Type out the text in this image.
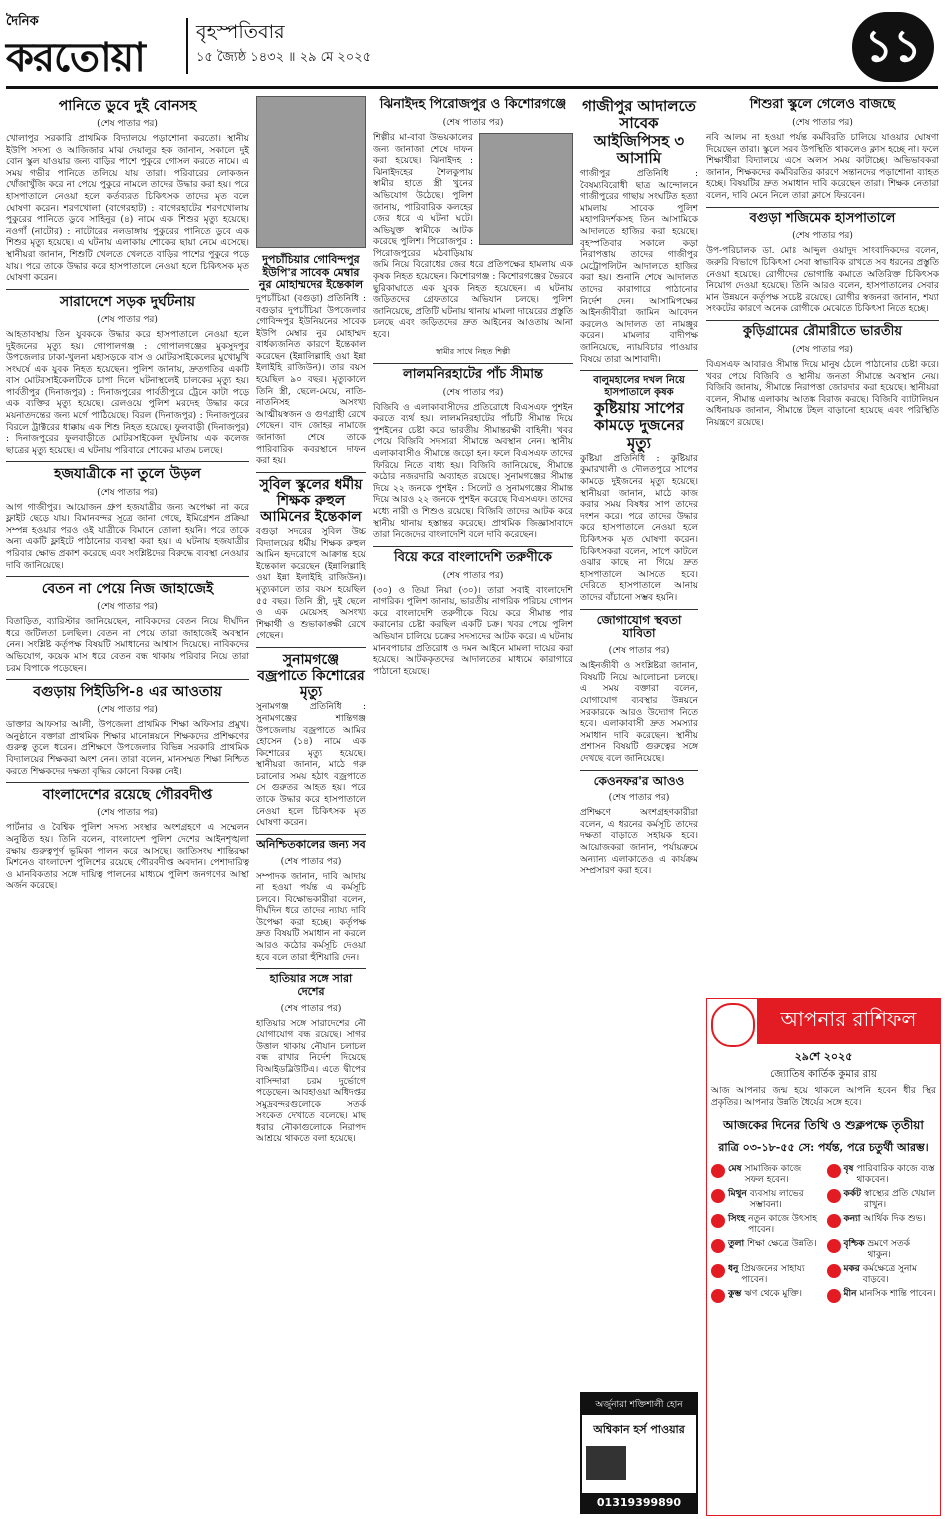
দৈনিক
করতোয়া
বৃহস্পতিবার
১৫ জ্যৈষ্ঠ ১৪৩২ ॥ ২৯ মে ২০২৫	১১
পানিতে ডুবে দুই বোনসহ
(শেষ পাতার পর)
খোলাপুর সরকারি প্রাথমিক বিদ্যালয়ে পড়াশোনা করতো। স্থানীয় ইউপি সদস্য ও আজিজার মাঝ দেয়ালুর হক জানান, সকালে দুই বোন স্কুল যাওয়ার জন্য বাড়ির পাশে পুকুরে গোসল করতে নামে। এ সময় গভীর পানিতে তলিয়ে যায় তারা। পরিবারের লোকজন খোঁজাখুঁজি করে না পেয়ে পুকুরে নামলে তাদের উদ্ধার করা হয়। পরে হাসপাতালে নেওয়া হলে কর্তব্যরত চিকিৎসক তাদের মৃত বলে ঘোষণা করেন। শরণখোলা (বাগেরহাট) : বাগেরহাটের শরণখোলায় পুকুরের পানিতে ডুবে সাহিনুর (৪) নামে এক শিশুর মৃত্যু হয়েছে। নওগাঁ (নাটোর) : নাটোরের নলডাঙ্গায় পুকুরের পানিতে ডুবে এক শিশুর মৃত্যু হয়েছে। এ ঘটনায় এলাকায় শোকের ছায়া নেমে এসেছে। স্থানীয়রা জানান, শিশুটি খেলতে খেলতে বাড়ির পাশের পুকুরে পড়ে যায়। পরে তাকে উদ্ধার করে হাসপাতালে নেওয়া হলে চিকিৎসক মৃত ঘোষণা করেন।
সারাদেশে সড়ক দুর্ঘটনায়
(শেষ পাতার পর)
আহতাবস্থায় তিন যুবককে উদ্ধার করে হাসপাতালে নেওয়া হলে দুইজনের মৃত্যু হয়। গোপালগঞ্জ : গোপালগঞ্জের মুকসুদপুর উপজেলার ঢাকা-খুলনা মহাসড়কে বাস ও মোটরসাইকেলের মুখোমুখি সংঘর্ষে এক যুবক নিহত হয়েছেন। পুলিশ জানায়, দ্রুতগতির একটি বাস মোটরসাইকেলটিকে চাপা দিলে ঘটনাস্থলেই চালকের মৃত্যু হয়। পার্বতীপুর (দিনাজপুর) : দিনাজপুরের পার্বতীপুরে ট্রেনে কাটা পড়ে এক ব্যক্তির মৃত্যু হয়েছে। রেলওয়ে পুলিশ মরদেহ উদ্ধার করে ময়নাতদন্তের জন্য মর্গে পাঠিয়েছে। বিরল (দিনাজপুর) : দিনাজপুরের বিরলে ট্রাক্টরের ধাক্কায় এক শিশু নিহত হয়েছে। ফুলবাড়ী (দিনাজপুর) : দিনাজপুরের ফুলবাড়ীতে মোটরসাইকেল দুর্ঘটনায় এক কলেজ ছাত্রের মৃত্যু হয়েছে। এ ঘটনায় পরিবারে শোকের মাতম চলছে।
হজযাত্রীকে না তুলে উড়ল
(শেষ পাতার পর)
আগ গাজীপুর। আয়োজন গ্রুপ হজযাত্রীর জন্য অপেক্ষা না করে ফ্লাইট ছেড়ে যায়। বিমানবন্দর সূত্রে জানা গেছে, ইমিগ্রেশন প্রক্রিয়া সম্পন্ন হওয়ার পরও ওই যাত্রীকে বিমানে তোলা হয়নি। পরে তাকে অন্য একটি ফ্লাইটে পাঠানোর ব্যবস্থা করা হয়। এ ঘটনায় হজযাত্রীর পরিবার ক্ষোভ প্রকাশ করেছে এবং সংশ্লিষ্টদের বিরুদ্ধে ব্যবস্থা নেওয়ার দাবি জানিয়েছে।
বেতন না পেয়ে নিজ জাহাজেই
(শেষ পাতার পর)
বিতাড়িত, ব্যারিস্টার জানিয়েছেন, নাবিকদের বেতন নিয়ে দীর্ঘদিন ধরে জটিলতা চলছিল। বেতন না পেয়ে তারা জাহাজেই অবস্থান নেন। সংশ্লিষ্ট কর্তৃপক্ষ বিষয়টি সমাধানের আশ্বাস দিয়েছে। নাবিকদের অভিযোগ, কয়েক মাস ধরে বেতন বন্ধ থাকায় পরিবার নিয়ে তারা চরম বিপাকে পড়েছেন।
বগুড়ায় পিইডিপি-৪ এর আওতায়
(শেষ পাতার পর)
ডাক্তার আফসার আলী, উপজেলা প্রাথমিক শিক্ষা অফিসার প্রমুখ। অনুষ্ঠানে বক্তারা প্রাথমিক শিক্ষার মানোন্নয়নে শিক্ষকদের প্রশিক্ষণের গুরুত্ব তুলে ধরেন। প্রশিক্ষণে উপজেলার বিভিন্ন সরকারি প্রাথমিক বিদ্যালয়ের শিক্ষকরা অংশ নেন। তারা বলেন, মানসম্মত শিক্ষা নিশ্চিত করতে শিক্ষকদের দক্ষতা বৃদ্ধির কোনো বিকল্প নেই।
বাংলাদেশের রয়েছে গৌরবদীপ্ত
(শেষ পাতার পর)
পার্টনার ও বৈশ্বিক পুলিশ সদস্য সংস্থার অংশগ্রহণে এ সম্মেলন অনুষ্ঠিত হয়। তিনি বলেন, বাংলাদেশ পুলিশ দেশের আইনশৃঙ্খলা রক্ষায় গুরুত্বপূর্ণ ভূমিকা পালন করে আসছে। জাতিসংঘ শান্তিরক্ষা মিশনেও বাংলাদেশ পুলিশের রয়েছে গৌরবদীপ্ত অবদান। পেশাদারিত্ব ও মানবিকতার সঙ্গে দায়িত্ব পালনের মাধ্যমে পুলিশ জনগণের আস্থা অর্জন করেছে।
দুপচাঁচিয়ার গোবিন্দপুর ইউপি'র সাবেক মেম্বার নুর মোহাম্মদের ইন্তেকাল
দুপচাঁচিয়া (বগুড়া) প্রতিনিধি : বগুড়ার দুপচাঁচিয়া উপজেলার গোবিন্দপুর ইউনিয়নের সাবেক ইউপি মেম্বার নুর মোহাম্মদ বার্ধক্যজনিত কারণে ইন্তেকাল করেছেন (ইন্নালিল্লাহি ওয়া ইন্না ইলাইহি রাজিউন)। তার বয়স হয়েছিল ৯০ বছর। মৃত্যুকালে তিনি স্ত্রী, ছেলে-মেয়ে, নাতি-নাতনিসহ অসংখ্য আত্মীয়স্বজন ও গুণগ্রাহী রেখে গেছেন। বাদ জোহর নামাজে জানাজা শেষে তাকে পারিবারিক কবরস্থানে দাফন করা হয়।
সুবিল স্কুলের ধর্মীয় শিক্ষক রুহুল আমিনের ইন্তেকাল
বগুড়া সদরের সুবিল উচ্চ বিদ্যালয়ের ধর্মীয় শিক্ষক রুহুল আমিন হৃদরোগে আক্রান্ত হয়ে ইন্তেকাল করেছেন (ইন্নালিল্লাহি ওয়া ইন্না ইলাইহি রাজিউন)। মৃত্যুকালে তার বয়স হয়েছিল ৫৫ বছর। তিনি স্ত্রী, দুই ছেলে ও এক মেয়েসহ অসংখ্য শিক্ষার্থী ও শুভাকাঙ্ক্ষী রেখে গেছেন।
সুনামগঞ্জে বজ্রপাতে কিশোরের মৃত্যু
সুনামগঞ্জ প্রতিনিধি : সুনামগঞ্জের শান্তিগঞ্জ উপজেলায় বজ্রপাতে আমির হোসেন (১৪) নামে এক কিশোরের মৃত্যু হয়েছে। স্থানীয়রা জানান, মাঠে গরু চরানোর সময় হঠাৎ বজ্রপাতে সে গুরুতর আহত হয়। পরে তাকে উদ্ধার করে হাসপাতালে নেওয়া হলে চিকিৎসক মৃত ঘোষণা করেন।
অনিশ্চিতকালের জন্য সব
(শেষ পাতার পর)
সম্পাদক জানান, দাবি আদায় না হওয়া পর্যন্ত এ কর্মসূচি চলবে। বিক্ষোভকারীরা বলেন, দীর্ঘদিন ধরে তাদের ন্যায্য দাবি উপেক্ষা করা হচ্ছে। কর্তৃপক্ষ দ্রুত বিষয়টি সমাধান না করলে আরও কঠোর কর্মসূচি দেওয়া হবে বলে তারা হুঁশিয়ারি দেন।
হাতিয়ার সঙ্গে সারা দেশের
(শেষ পাতার পর)
হাতিয়ার সঙ্গে সারাদেশের নৌ যোগাযোগ বন্ধ রয়েছে। সাগর উত্তাল থাকায় নৌযান চলাচল বন্ধ রাখার নির্দেশ দিয়েছে বিআইডব্লিউটিএ। এতে দ্বীপের বাসিন্দারা চরম দুর্ভোগে পড়েছেন। আবহাওয়া অধিদপ্তর সমুদ্রবন্দরগুলোকে সতর্ক সংকেত দেখাতে বলেছে। মাছ ধরার নৌকাগুলোকে নিরাপদ আশ্রয়ে থাকতে বলা হয়েছে।
ঝিনাইদহ পিরোজপুর ও কিশোরগঞ্জে
(শেষ পাতার পর)
শিল্পীর মা-বাবা উভয়কালের জন্য জানাজা শেষে দাফন করা হয়েছে। ঝিনাইদহ : ঝিনাইদহের শৈলকুপায় স্বামীর হাতে স্ত্রী খুনের অভিযোগ উঠেছে। পুলিশ জানায়, পারিবারিক কলহের জের ধরে এ ঘটনা ঘটে। অভিযুক্ত স্বামীকে আটক করেছে পুলিশ। পিরোজপুর : পিরোজপুরের মঠবাড়িয়ায় জমি নিয়ে বিরোধের জের ধরে প্রতিপক্ষের হামলায় এক কৃষক নিহত হয়েছেন। কিশোরগঞ্জ : কিশোরগঞ্জের ভৈরবে ছুরিকাঘাতে এক যুবক নিহত হয়েছেন। এ ঘটনায় জড়িতদের গ্রেফতারে অভিযান চলছে। পুলিশ জানিয়েছে, প্রতিটি ঘটনায় থানায় মামলা দায়েরের প্রস্তুতি চলছে এবং জড়িতদের দ্রুত আইনের আওতায় আনা হবে।
স্বামীর সাথে নিহত শিল্পী
লালমনিরহাটের পাঁচ সীমান্ত
(শেষ পাতার পর)
বিজিবি ও এলাকাবাসীদের প্রতিরোধে বিএসএফ পুশইন করতে ব্যর্থ হয়। লালমনিরহাটের পাঁচটি সীমান্ত দিয়ে পুশইনের চেষ্টা করে ভারতীয় সীমান্তরক্ষী বাহিনী। খবর পেয়ে বিজিবি সদস্যরা সীমান্তে অবস্থান নেন। স্থানীয় এলাকাবাসীও সীমান্তে জড়ো হন। ফলে বিএসএফ তাদের ফিরিয়ে নিতে বাধ্য হয়। বিজিবি জানিয়েছে, সীমান্তে কঠোর নজরদারি অব্যাহত রয়েছে। সুনামগঞ্জের সীমান্ত দিয়ে ২২ জনকে পুশইন : সিলেট ও সুনামগঞ্জের সীমান্ত দিয়ে আরও ২২ জনকে পুশইন করেছে বিএসএফ। তাদের মধ্যে নারী ও শিশুও রয়েছে। বিজিবি তাদের আটক করে স্থানীয় থানায় হস্তান্তর করেছে। প্রাথমিক জিজ্ঞাসাবাদে তারা নিজেদের বাংলাদেশি বলে দাবি করেছেন।
বিয়ে করে বাংলাদেশি তরুণীকে
(শেষ পাতার পর)
(৩০) ও তিয়া নিয়া (৩০)। তারা সবাই বাংলাদেশি নাগরিক। পুলিশ জানায়, ভারতীয় নাগরিক পরিচয় গোপন করে বাংলাদেশি তরুণীকে বিয়ে করে সীমান্ত পার করানোর চেষ্টা করছিল একটি চক্র। খবর পেয়ে পুলিশ অভিযান চালিয়ে চক্রের সদস্যদের আটক করে। এ ঘটনায় মানবপাচার প্রতিরোধ ও দমন আইনে মামলা দায়ের করা হয়েছে। আটককৃতদের আদালতের মাধ্যমে কারাগারে পাঠানো হয়েছে।
গাজীপুর আদালতে সাবেক আইজিপিসহ ৩ আসামি
গাজীপুর প্রতিনিধি : বৈষম্যবিরোধী ছাত্র আন্দোলনে গাজীপুরের গাছায় সংঘটিত হত্যা মামলায় সাবেক পুলিশ মহাপরিদর্শকসহ তিন আসামিকে আদালতে হাজির করা হয়েছে। বৃহস্পতিবার সকালে কড়া নিরাপত্তায় তাদের গাজীপুর মেট্রোপলিটন আদালতে হাজির করা হয়। শুনানি শেষে আদালত তাদের কারাগারে পাঠানোর নির্দেশ দেন। আসামিপক্ষের আইনজীবীরা জামিন আবেদন করলেও আদালত তা নামঞ্জুর করেন। মামলার বাদীপক্ষ জানিয়েছে, ন্যায়বিচার পাওয়ার বিষয়ে তারা আশাবাদী।
বালুমহালের দখল নিয়ে হাসপাতালে কৃষক
কুষ্টিয়ায় সাপের কামড়ে দুজনের মৃত্যু
কুষ্টিয়া প্রতিনিধি : কুষ্টিয়ার কুমারখালী ও দৌলতপুরে সাপের কামড়ে দুইজনের মৃত্যু হয়েছে। স্থানীয়রা জানান, মাঠে কাজ করার সময় বিষধর সাপ তাদের দংশন করে। পরে তাদের উদ্ধার করে হাসপাতালে নেওয়া হলে চিকিৎসক মৃত ঘোষণা করেন। চিকিৎসকরা বলেন, সাপে কাটলে ওঝার কাছে না গিয়ে দ্রুত হাসপাতালে আসতে হবে। দেরিতে হাসপাতালে আনায় তাদের বাঁচানো সম্ভব হয়নি।
জোগাযোগ স্থবতা যাবিতা
(শেষ পাতার পর)
আইনজীবী ও সংশ্লিষ্টরা জানান, বিষয়টি নিয়ে আলোচনা চলছে। এ সময় বক্তারা বলেন, যোগাযোগ ব্যবস্থার উন্নয়নে সরকারকে আরও উদ্যোগ নিতে হবে। এলাকাবাসী দ্রুত সমস্যার সমাধান দাবি করেছেন। স্থানীয় প্রশাসন বিষয়টি গুরুত্বের সঙ্গে দেখছে বলে জানিয়েছে।
কেওনফর'র আওও
(শেষ পাতার পর)
প্রশিক্ষণে অংশগ্রহণকারীরা বলেন, এ ধরনের কর্মসূচি তাদের দক্ষতা বাড়াতে সহায়ক হবে। আয়োজকরা জানান, পর্যায়ক্রমে অন্যান্য এলাকাতেও এ কার্যক্রম সম্প্রসারণ করা হবে।
অর্জুনারা শক্তিশালী হোন
অশ্বিকান হর্স পাওয়ার
01319399890
শিশুরা স্কুলে গেলেও বাজছে
(শেষ পাতার পর)
নবি আলম না হওয়া পর্যন্ত কর্মবিরতি চালিয়ে যাওয়ার ঘোষণা দিয়েছেন তারা। স্কুলে সরব উপস্থিতি থাকলেও ক্লাস হচ্ছে না। ফলে শিক্ষার্থীরা বিদ্যালয়ে এসে অলস সময় কাটাচ্ছে। অভিভাবকরা জানান, শিক্ষকদের কর্মবিরতির কারণে সন্তানদের পড়াশোনা ব্যাহত হচ্ছে। বিষয়টির দ্রুত সমাধান দাবি করেছেন তারা। শিক্ষক নেতারা বলেন, দাবি মেনে নিলে তারা ক্লাসে ফিরবেন।
বগুড়া শজিমেক হাসপাতালে
(শেষ পাতার পর)
উপ-পরিচালক ডা. মোঃ আব্দুল ওয়াদুদ সাংবাদিকদের বলেন, জরুরি বিভাগে চিকিৎসা সেবা স্বাভাবিক রাখতে সব ধরনের প্রস্তুতি নেওয়া হয়েছে। রোগীদের ভোগান্তি কমাতে অতিরিক্ত চিকিৎসক নিয়োগ দেওয়া হয়েছে। তিনি আরও বলেন, হাসপাতালের সেবার মান উন্নয়নে কর্তৃপক্ষ সচেষ্ট রয়েছে। রোগীর স্বজনরা জানান, শয্যা সংকটের কারণে অনেক রোগীকে মেঝেতে চিকিৎসা নিতে হচ্ছে।
কুড়িগ্রামের রৌমারীতে ভারতীয়
(শেষ পাতার পর)
বিএসএফ আবারও সীমান্ত দিয়ে মানুষ ঠেলে পাঠানোর চেষ্টা করে। খবর পেয়ে বিজিবি ও স্থানীয় জনতা সীমান্তে অবস্থান নেয়। বিজিবি জানায়, সীমান্তে নিরাপত্তা জোরদার করা হয়েছে। স্থানীয়রা বলেন, সীমান্ত এলাকায় আতঙ্ক বিরাজ করছে। বিজিবি ব্যাটালিয়ন অধিনায়ক জানান, সীমান্তে টহল বাড়ানো হয়েছে এবং পরিস্থিতি নিয়ন্ত্রণে রয়েছে।
আপনার রাশিফল
২৯শে ২০২৫
জ্যোতিষ কার্তিক কুমার রায়
আজ আপনার জন্ম হয়ে থাকলে আপনি হবেন ধীর স্থির প্রকৃতির। আপনার উন্নতি ধৈর্যের সঙ্গে হবে।
আজকের দিনের তিথি ও শুক্লপক্ষে তৃতীয়া
রাত্রি ০৩-১৮-৫৫ সে: পর্যন্ত, পরে চতুর্থী আরম্ভ।
মেষ সামাজিক কাজে সফল হবেন।
বৃষ পারিবারিক কাজে ব্যস্ত থাকবেন।
মিথুন ব্যবসায় লাভের সম্ভাবনা।
কর্কট স্বাস্থ্যের প্রতি খেয়াল রাখুন।
সিংহ নতুন কাজে উৎসাহ পাবেন।
কন্যা আর্থিক দিক শুভ।
তুলা শিক্ষা ক্ষেত্রে উন্নতি।	বৃশ্চিক ভ্রমণে সতর্ক থাকুন।
ধনু প্রিয়জনের সাহায্য পাবেন।
মকর কর্মক্ষেত্রে সুনাম বাড়বে।
কুম্ভ ঋণ থেকে মুক্তি।	মীন মানসিক শান্তি পাবেন।
